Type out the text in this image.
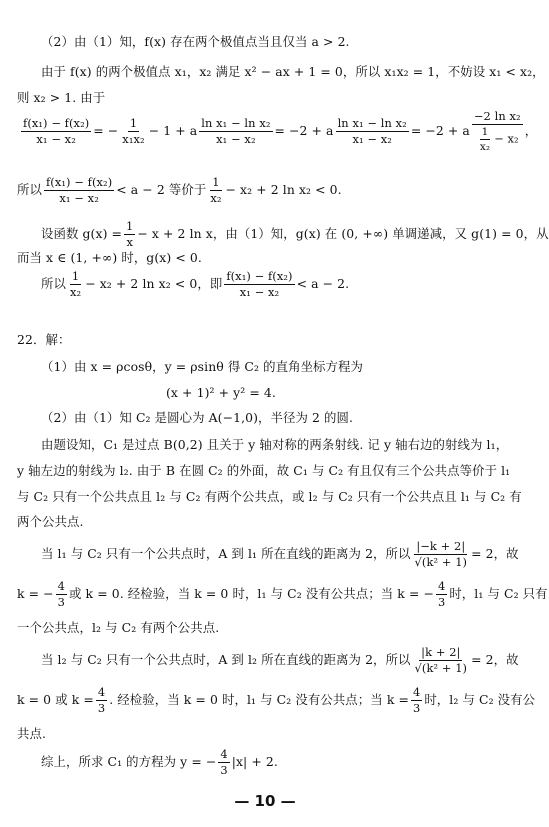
（2）由（1）知，f(x) 存在两个极值点当且仅当 a > 2.
由于 f(x) 的两个极值点 x₁，x₂ 满足 x² − ax + 1 = 0，所以 x₁x₂ = 1，不妨设 x₁ < x₂，
则 x₂ > 1. 由于
$\frac{\text{f(x₁) − f(x₂)}}{\text{x₁ − x₂}}$ = − $\frac{1}{\text{x₁x₂}} - 1 + a \frac{\text{ln x₁ − ln x₂}}{\text{x₁ − x₂}} = -2 + a \frac{\text{ln x₁ − ln x₂}}{\text{x₁ − x₂}} = -2 + a \frac{\text{−2 ln x₂}}{\frac{1}{\text{x₂}} - x_2}$ ，
所以 $\frac{\text{f(x₁) − f(x₂)}}{\text{x₁ − x₂}} < a - 2$ 等价于 $\frac{1}{\text{x₂}} - x_2 + 2$ ln x₂ < 0.
设函数 $g(x) = \frac{1}{x} - x + 2$ ln x，由（1）知，g(x) 在 (0, +∞) 单调递减，又 g(1) = 0，从
而当 x ∈ (1, +∞) 时，g(x) < 0.
所以 $\frac{1}{\text{x₂}} - x_2 + 2$ ln x₂ < 0，即 $\frac{\text{f(x₁) − f(x₂)}}{\text{x₁ − x₂}} < a - 2$.
22．解：
（1）由 x = ρcosθ，y = ρsinθ 得 C₂ 的直角坐标方程为
(x + 1)² + y² = 4.
（2）由（1）知 C₂ 是圆心为 A(−1,0)，半径为 2 的圆.
由题设知，C₁ 是过点 B(0,2) 且关于 y 轴对称的两条射线. 记 y 轴右边的射线为 l₁，
y 轴左边的射线为 l₂. 由于 B 在圆 C₂ 的外面，故 C₁ 与 C₂ 有且仅有三个公共点等价于 l₁
与 C₂ 只有一个公共点且 l₂ 与 C₂ 有两个公共点，或 l₂ 与 C₂ 只有一个公共点且 l₁ 与 C₂ 有
两个公共点.
当 l₁ 与 C₂ 只有一个公共点时，A 到 l₁ 所在直线的距离为 2，所以 $\frac{|-k + 2|}{\text{√(k² + 1)}} = 2$，故
k = − $\frac{4}{3}$ 或 k = 0. 经检验，当 k = 0 时，l₁ 与 C₂ 没有公共点；当 k = − $\frac{4}{3}$ 时，l₁ 与 C₂ 只有
一个公共点，l₂ 与 C₂ 有两个公共点.
当 l₂ 与 C₂ 只有一个公共点时，A 到 l₂ 所在直线的距离为 2，所以 $\frac{|k + 2|}{\text{√(k² + 1)}} = 2$，故
k = 0 或 $k = \frac{4}{3}$ . 经检验，当 k = 0 时，l₁ 与 C₂ 没有公共点；当 $k = \frac{4}{3}$ 时，l₂ 与 C₂ 没有公
共点.
综上，所求 C₁ 的方程为 y = − $\frac{4}{3} |x| + 2$.
— 10 —
